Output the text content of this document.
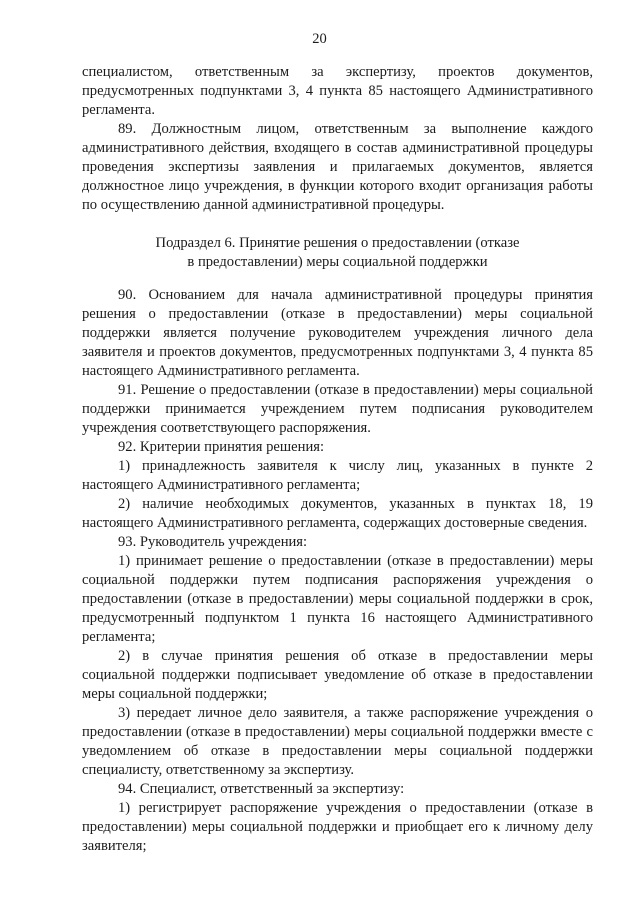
20

специалистом, ответственным за экспертизу, проектов документов, предусмотренных подпунктами 3, 4 пункта 85 настоящего Административного регламента.

89. Должностным лицом, ответственным за выполнение каждого административного действия, входящего в состав административной процедуры проведения экспертизы заявления и прилагаемых документов, является должностное лицо учреждения, в функции которого входит организация работы по осуществлению данной административной процедуры.

Подраздел 6. Принятие решения о предоставлении (отказе
в предоставлении) меры социальной поддержки

90. Основанием для начала административной процедуры принятия решения о предоставлении (отказе в предоставлении) меры социальной поддержки является получение руководителем учреждения личного дела заявителя и проектов документов, предусмотренных подпунктами 3, 4 пункта 85 настоящего Административного регламента.

91. Решение о предоставлении (отказе в предоставлении) меры социальной поддержки принимается учреждением путем подписания руководителем учреждения соответствующего распоряжения.

92. Критерии принятия решения:

1) принадлежность заявителя к числу лиц, указанных в пункте 2 настоящего Административного регламента;

2) наличие необходимых документов, указанных в пунктах 18, 19 настоящего Административного регламента, содержащих достоверные сведения.

93. Руководитель учреждения:

1) принимает решение о предоставлении (отказе в предоставлении) меры социальной поддержки путем подписания распоряжения учреждения о предоставлении (отказе в предоставлении) меры социальной поддержки в срок, предусмотренный подпунктом 1 пункта 16 настоящего Административного регламента;

2) в случае принятия решения об отказе в предоставлении меры социальной поддержки подписывает уведомление об отказе в предоставлении меры социальной поддержки;

3) передает личное дело заявителя, а также распоряжение учреждения о предоставлении (отказе в предоставлении) меры социальной поддержки вместе с уведомлением об отказе в предоставлении меры социальной поддержки специалисту, ответственному за экспертизу.

94. Специалист, ответственный за экспертизу:

1) регистрирует распоряжение учреждения о предоставлении (отказе в предоставлении) меры социальной поддержки и приобщает его к личному делу заявителя;
